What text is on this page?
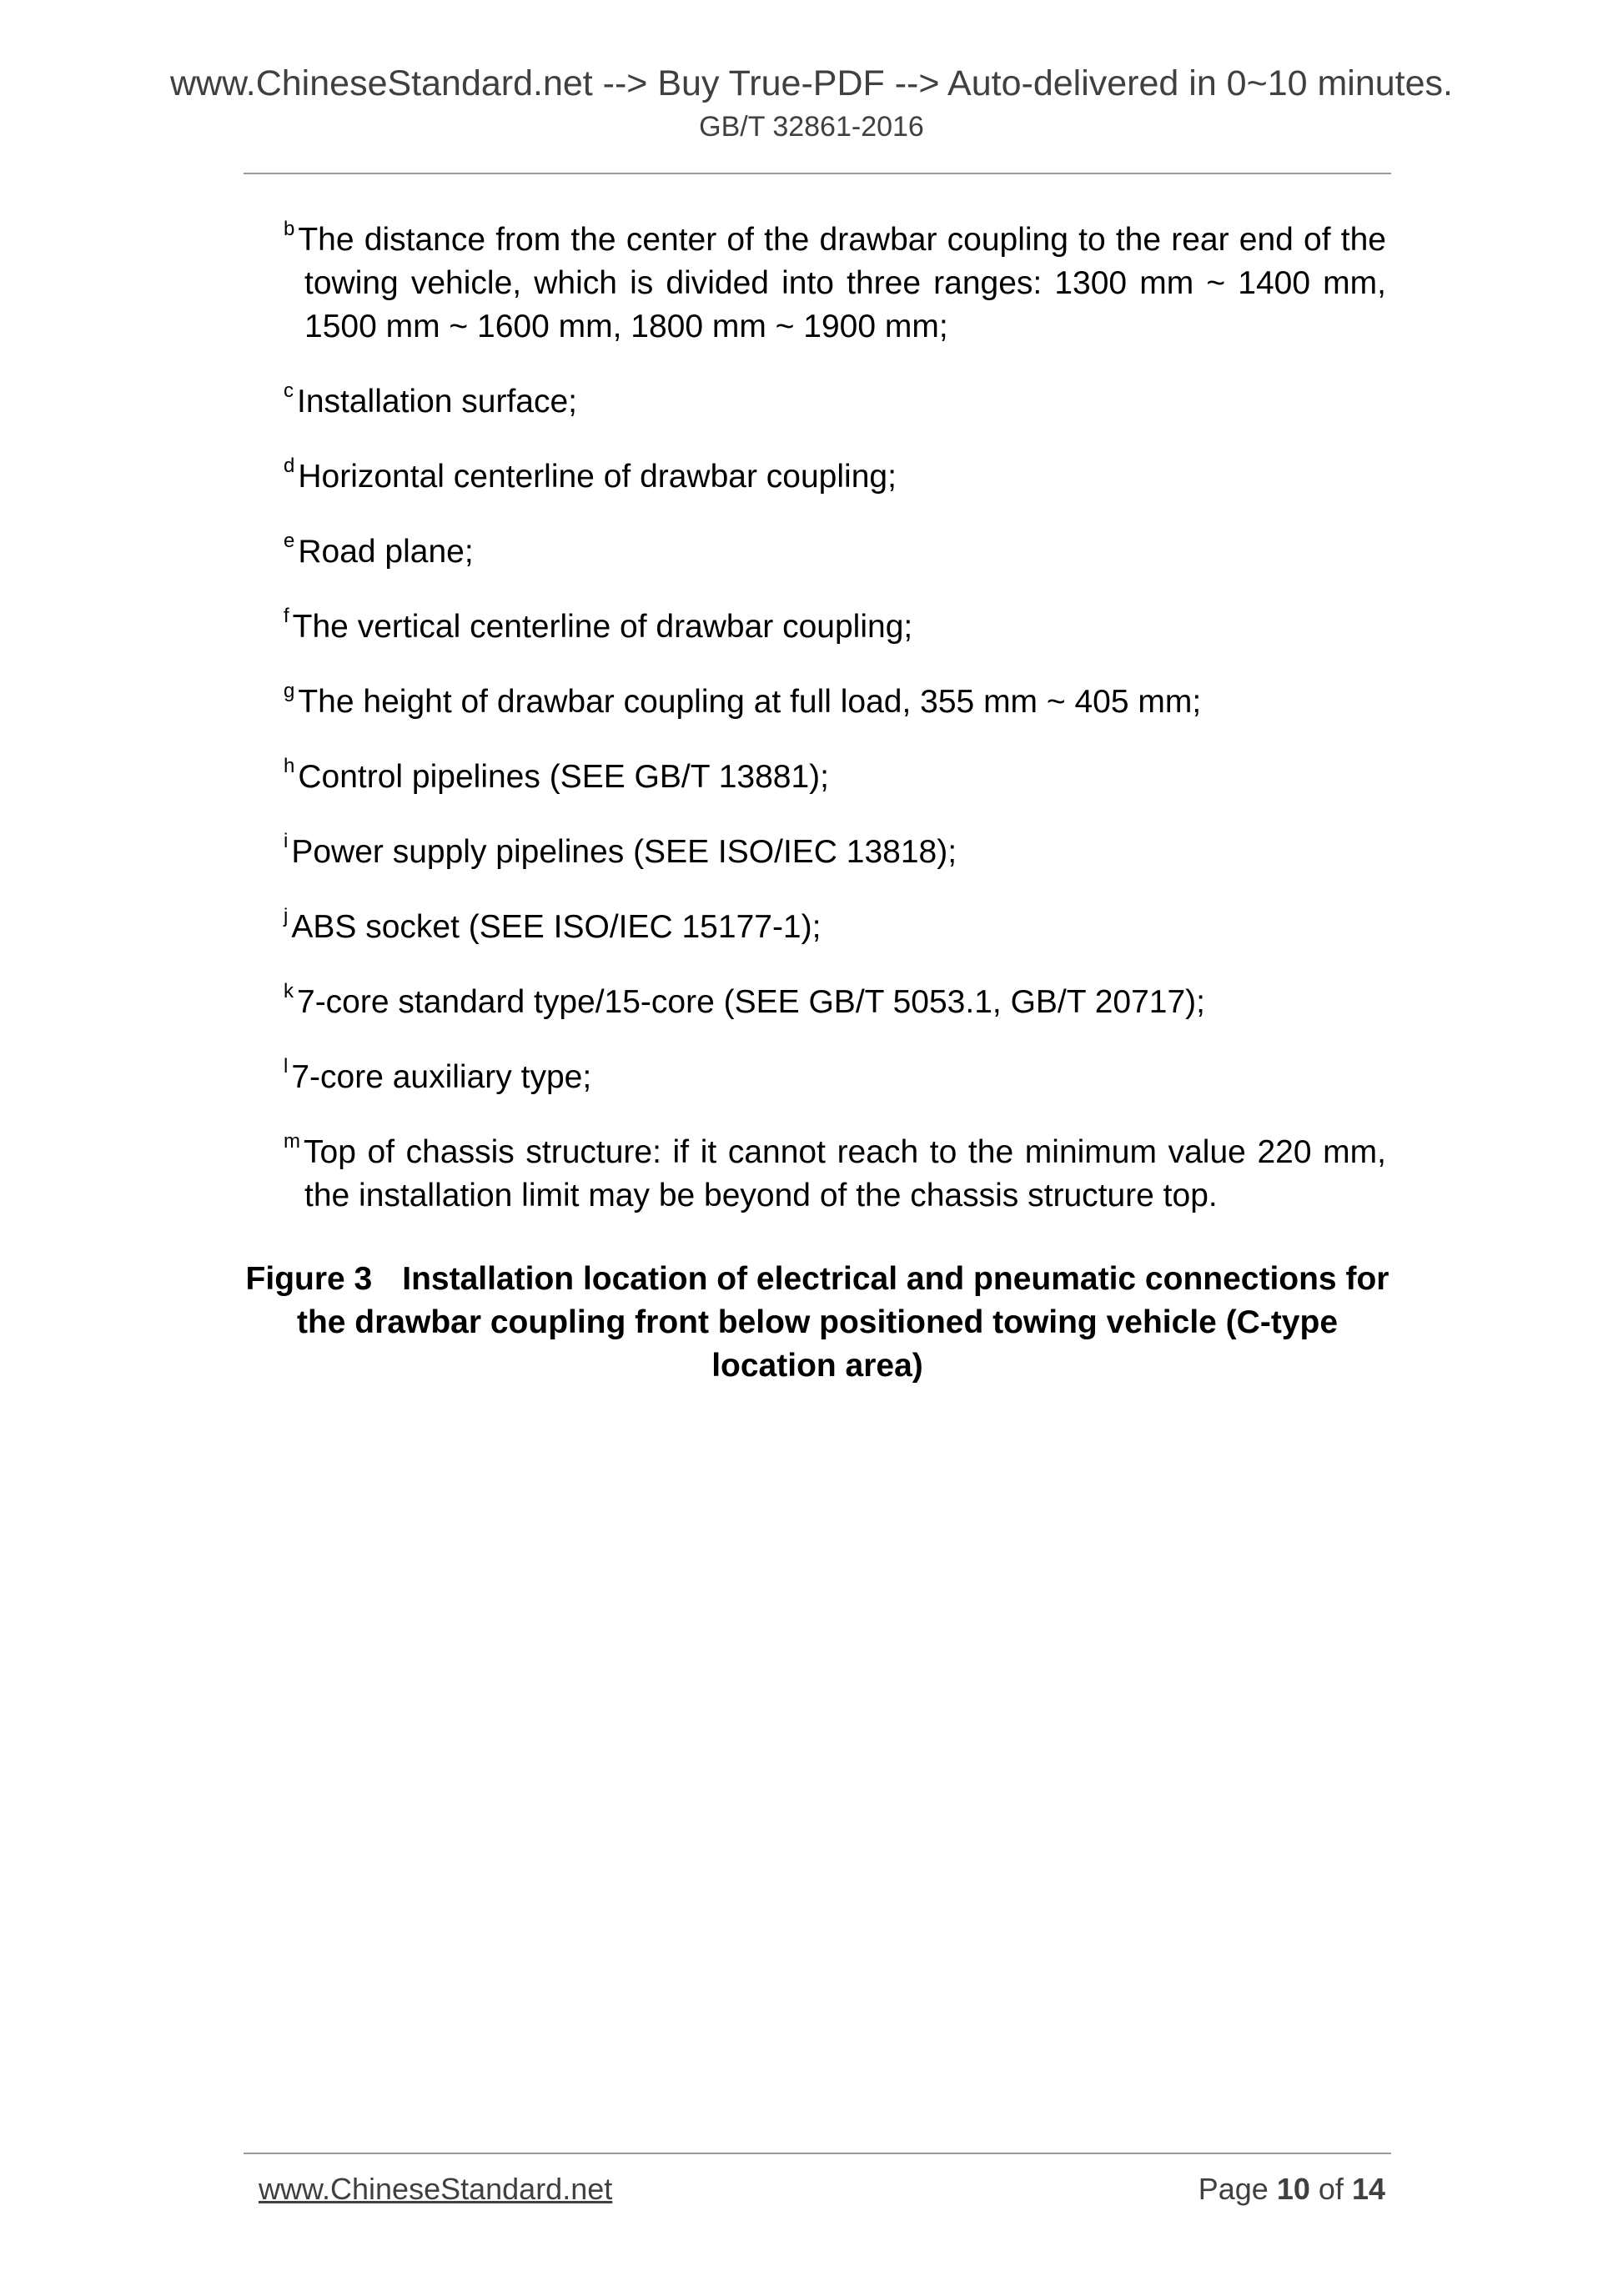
www.ChineseStandard.net --> Buy True-PDF --> Auto-delivered in 0~10 minutes.
GB/T 32861-2016

$^b$ The distance from the center of the drawbar coupling to the rear end of the towing vehicle, which is divided into three ranges: 1300 mm ~ 1400 mm, 1500 mm ~ 1600 mm, 1800 mm ~ 1900 mm;

$^c$ Installation surface;

$^d$ Horizontal centerline of drawbar coupling;

$^e$ Road plane;

$^f$ The vertical centerline of drawbar coupling;

$^g$ The height of drawbar coupling at full load, 355 mm ~ 405 mm;

$^h$ Control pipelines (SEE GB/T 13881);

$^i$ Power supply pipelines (SEE ISO/IEC 13818);

$^j$ ABS socket (SEE ISO/IEC 15177-1);

$^k$ 7-core standard type/15-core (SEE GB/T 5053.1, GB/T 20717);

$^l$ 7-core auxiliary type;

$^m$ Top of chassis structure: if it cannot reach to the minimum value 220 mm, the installation limit may be beyond of the chassis structure top.

Figure 3 Installation location of electrical and pneumatic connections for the drawbar coupling front below positioned towing vehicle (C-type location area)
www.ChineseStandard.net	Page 10 of 14
